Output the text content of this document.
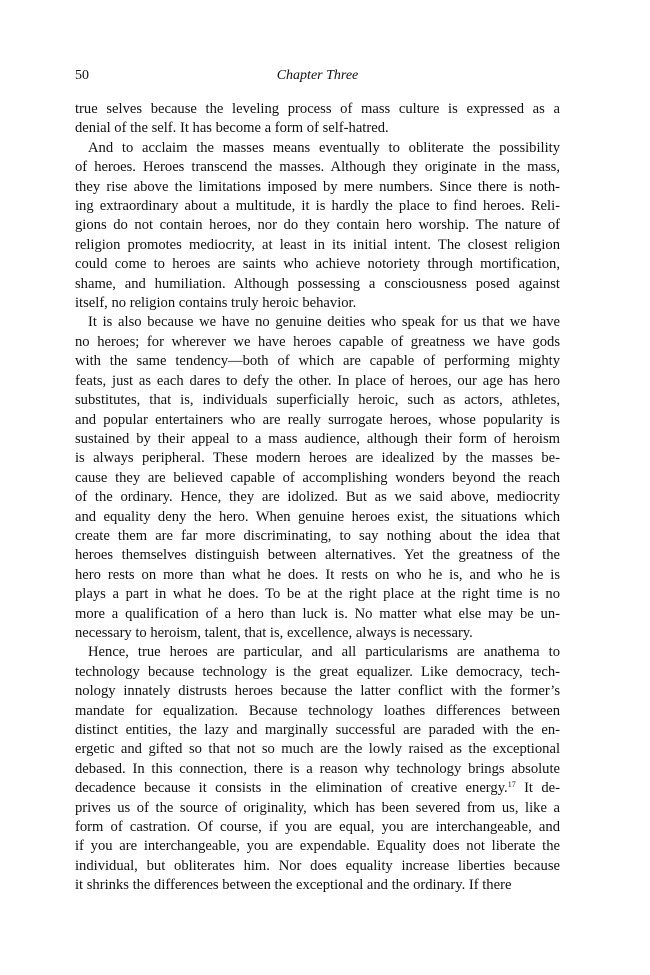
50	Chapter Three
true selves because the leveling process of mass culture is expressed as a
denial of the self. It has become a form of self-hatred.
And to acclaim the masses means eventually to obliterate the possibility
of heroes. Heroes transcend the masses. Although they originate in the mass,
they rise above the limitations imposed by mere numbers. Since there is noth-
ing extraordinary about a multitude, it is hardly the place to find heroes. Reli-
gions do not contain heroes, nor do they contain hero worship. The nature of
religion promotes mediocrity, at least in its initial intent. The closest religion
could come to heroes are saints who achieve notoriety through mortification,
shame, and humiliation. Although possessing a consciousness posed against
itself, no religion contains truly heroic behavior.
It is also because we have no genuine deities who speak for us that we have
no heroes; for wherever we have heroes capable of greatness we have gods
with the same tendency—both of which are capable of performing mighty
feats, just as each dares to defy the other. In place of heroes, our age has hero
substitutes, that is, individuals superficially heroic, such as actors, athletes,
and popular entertainers who are really surrogate heroes, whose popularity is
sustained by their appeal to a mass audience, although their form of heroism
is always peripheral. These modern heroes are idealized by the masses be-
cause they are believed capable of accomplishing wonders beyond the reach
of the ordinary. Hence, they are idolized. But as we said above, mediocrity
and equality deny the hero. When genuine heroes exist, the situations which
create them are far more discriminating, to say nothing about the idea that
heroes themselves distinguish between alternatives. Yet the greatness of the
hero rests on more than what he does. It rests on who he is, and who he is
plays a part in what he does. To be at the right place at the right time is no
more a qualification of a hero than luck is. No matter what else may be un-
necessary to heroism, talent, that is, excellence, always is necessary.
Hence, true heroes are particular, and all particularisms are anathema to
technology because technology is the great equalizer. Like democracy, tech-
nology innately distrusts heroes because the latter conflict with the former’s
mandate for equalization. Because technology loathes differences between
distinct entities, the lazy and marginally successful are paraded with the en-
ergetic and gifted so that not so much are the lowly raised as the exceptional
debased. In this connection, there is a reason why technology brings absolute
decadence because it consists in the elimination of creative energy.$^{17}$ It de-
prives us of the source of originality, which has been severed from us, like a
form of castration. Of course, if you are equal, you are interchangeable, and
if you are interchangeable, you are expendable. Equality does not liberate the
individual, but obliterates him. Nor does equality increase liberties because
it shrinks the differences between the exceptional and the ordinary. If there
